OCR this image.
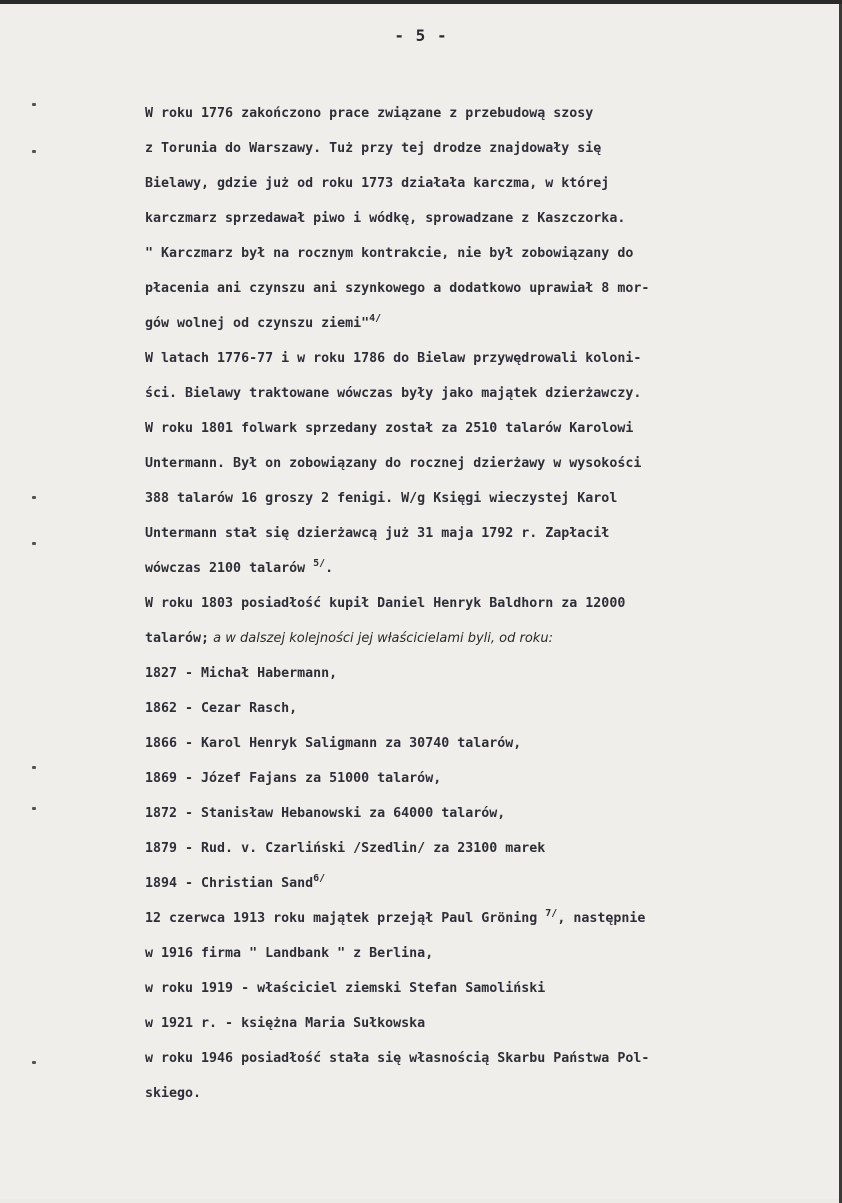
- 5 -
W roku 1776 zakończono prace związane z przebudową szosy
z Torunia do Warszawy. Tuż przy tej drodze znajdowały się
Bielawy, gdzie już od roku 1773 działała karczma, w której
karczmarz sprzedawał piwo i wódkę, sprowadzane z Kaszczorka.
" Karczmarz był na rocznym kontrakcie, nie był zobowiązany do
płacenia ani czynszu ani szynkowego a dodatkowo uprawiał 8 mor-
gów wolnej od czynszu ziemi"$^{4/}$
W latach 1776-77 i w roku 1786 do Bielaw przywędrowali koloni-
ści. Bielawy traktowane wówczas były jako majątek dzierżawczy.
W roku 1801 folwark sprzedany został za 2510 talarów Karolowi
Untermann. Był on zobowiązany do rocznej dzierżawy w wysokości
388 talarów 16 groszy 2 fenigi. W/g Księgi wieczystej Karol
Untermann stał się dzierżawcą już 31 maja 1792 r. Zapłacił
wówczas 2100 talarów $^{5/}$.
W roku 1803 posiadłość kupił Daniel Henryk Baldhorn za 12000
talarów; a w dalszej kolejności jej właścicielami byli, od roku:
1827 - Michał Habermann,
1862 - Cezar Rasch,
1866 - Karol Henryk Saligmann za 30740 talarów,
1869 - Józef Fajans za 51000 talarów,
1872 - Stanisław Hebanowski za 64000 talarów,
1879 - Rud. v. Czarliński /Szedlin/ za 23100 marek
1894 - Christian Sand$^{6/}$
12 czerwca 1913 roku majątek przejął Paul Gröning $^{7/}$, następnie
w 1916 firma " Landbank " z Berlina,
w roku 1919 - właściciel ziemski Stefan Samoliński
w 1921 r. - księżna Maria Sułkowska
w roku 1946 posiadłość stała się własnością Skarbu Państwa Pol-
skiego.
